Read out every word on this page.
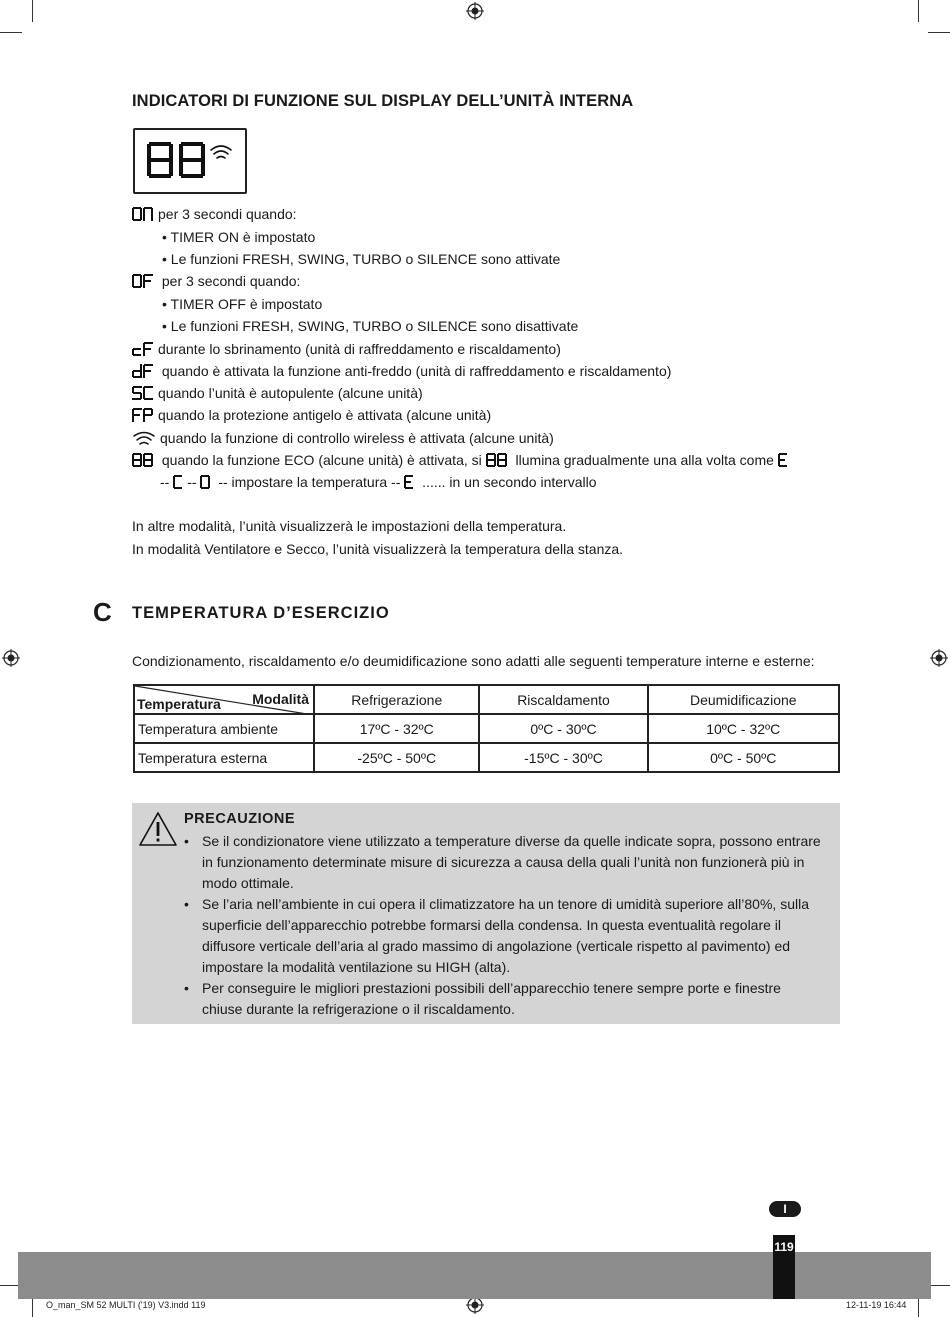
INDICATORI DI FUNZIONE SUL DISPLAY DELL’UNITÀ INTERNA
per 3 secondi quando:
• TIMER ON è impostato
• Le funzioni FRESH, SWING, TURBO o SILENCE sono attivate
per 3 secondi quando:
• TIMER OFF è impostato
• Le funzioni FRESH, SWING, TURBO o SILENCE sono disattivate
durante lo sbrinamento (unità di raffreddamento e riscaldamento)
quando è attivata la funzione anti-freddo (unità di raffreddamento e riscaldamento)
quando l’unità è autopulente (alcune unità)
quando la protezione antigelo è attivata (alcune unità)
quando la funzione di controllo wireless è attivata (alcune unità)
quando la funzione ECO (alcune unità) è attivata, si  llumina gradualmente una alla volta come
-- --  -- impostare la temperatura --  ...... in un secondo intervallo
In altre modalità, l’unità visualizzerà le impostazioni della temperatura.
In modalità Ventilatore e Secco, l’unità visualizzerà la temperatura della stanza.
C TEMPERATURA D’ESERCIZIO
Condizionamento, riscaldamento e/o deumidificazione sono adatti alle seguenti temperature interne e esterne:
Modalità
Temperatura	Refrigerazione	Riscaldamento	Deumidificazione
Temperatura ambiente	17ºC - 32ºC	0ºC - 30ºC	10ºC - 32ºC
Temperatura esterna	-25ºC - 50ºC	-15ºC - 30ºC	0ºC - 50ºC
PRECAUZIONE
• Se il condizionatore viene utilizzato a temperature diverse da quelle indicate sopra, possono entrare in funzionamento determinate misure di sicurezza a causa della quali l’unità non funzionerà più in modo ottimale.
• Se l’aria nell’ambiente in cui opera il climatizzatore ha un tenore di umidità superiore all’80%, sulla superficie dell’apparecchio potrebbe formarsi della condensa. In questa eventualità regolare il diffusore verticale dell’aria al grado massimo di angolazione (verticale rispetto al pavimento) ed impostare la modalità ventilazione su HIGH (alta).
• Per conseguire le migliori prestazioni possibili dell’apparecchio tenere sempre porte e finestre chiuse durante la refrigerazione o il riscaldamento.
I
119
O_man_SM 52 MULTI ('19) V3.indd 119	12-11-19 16:44
